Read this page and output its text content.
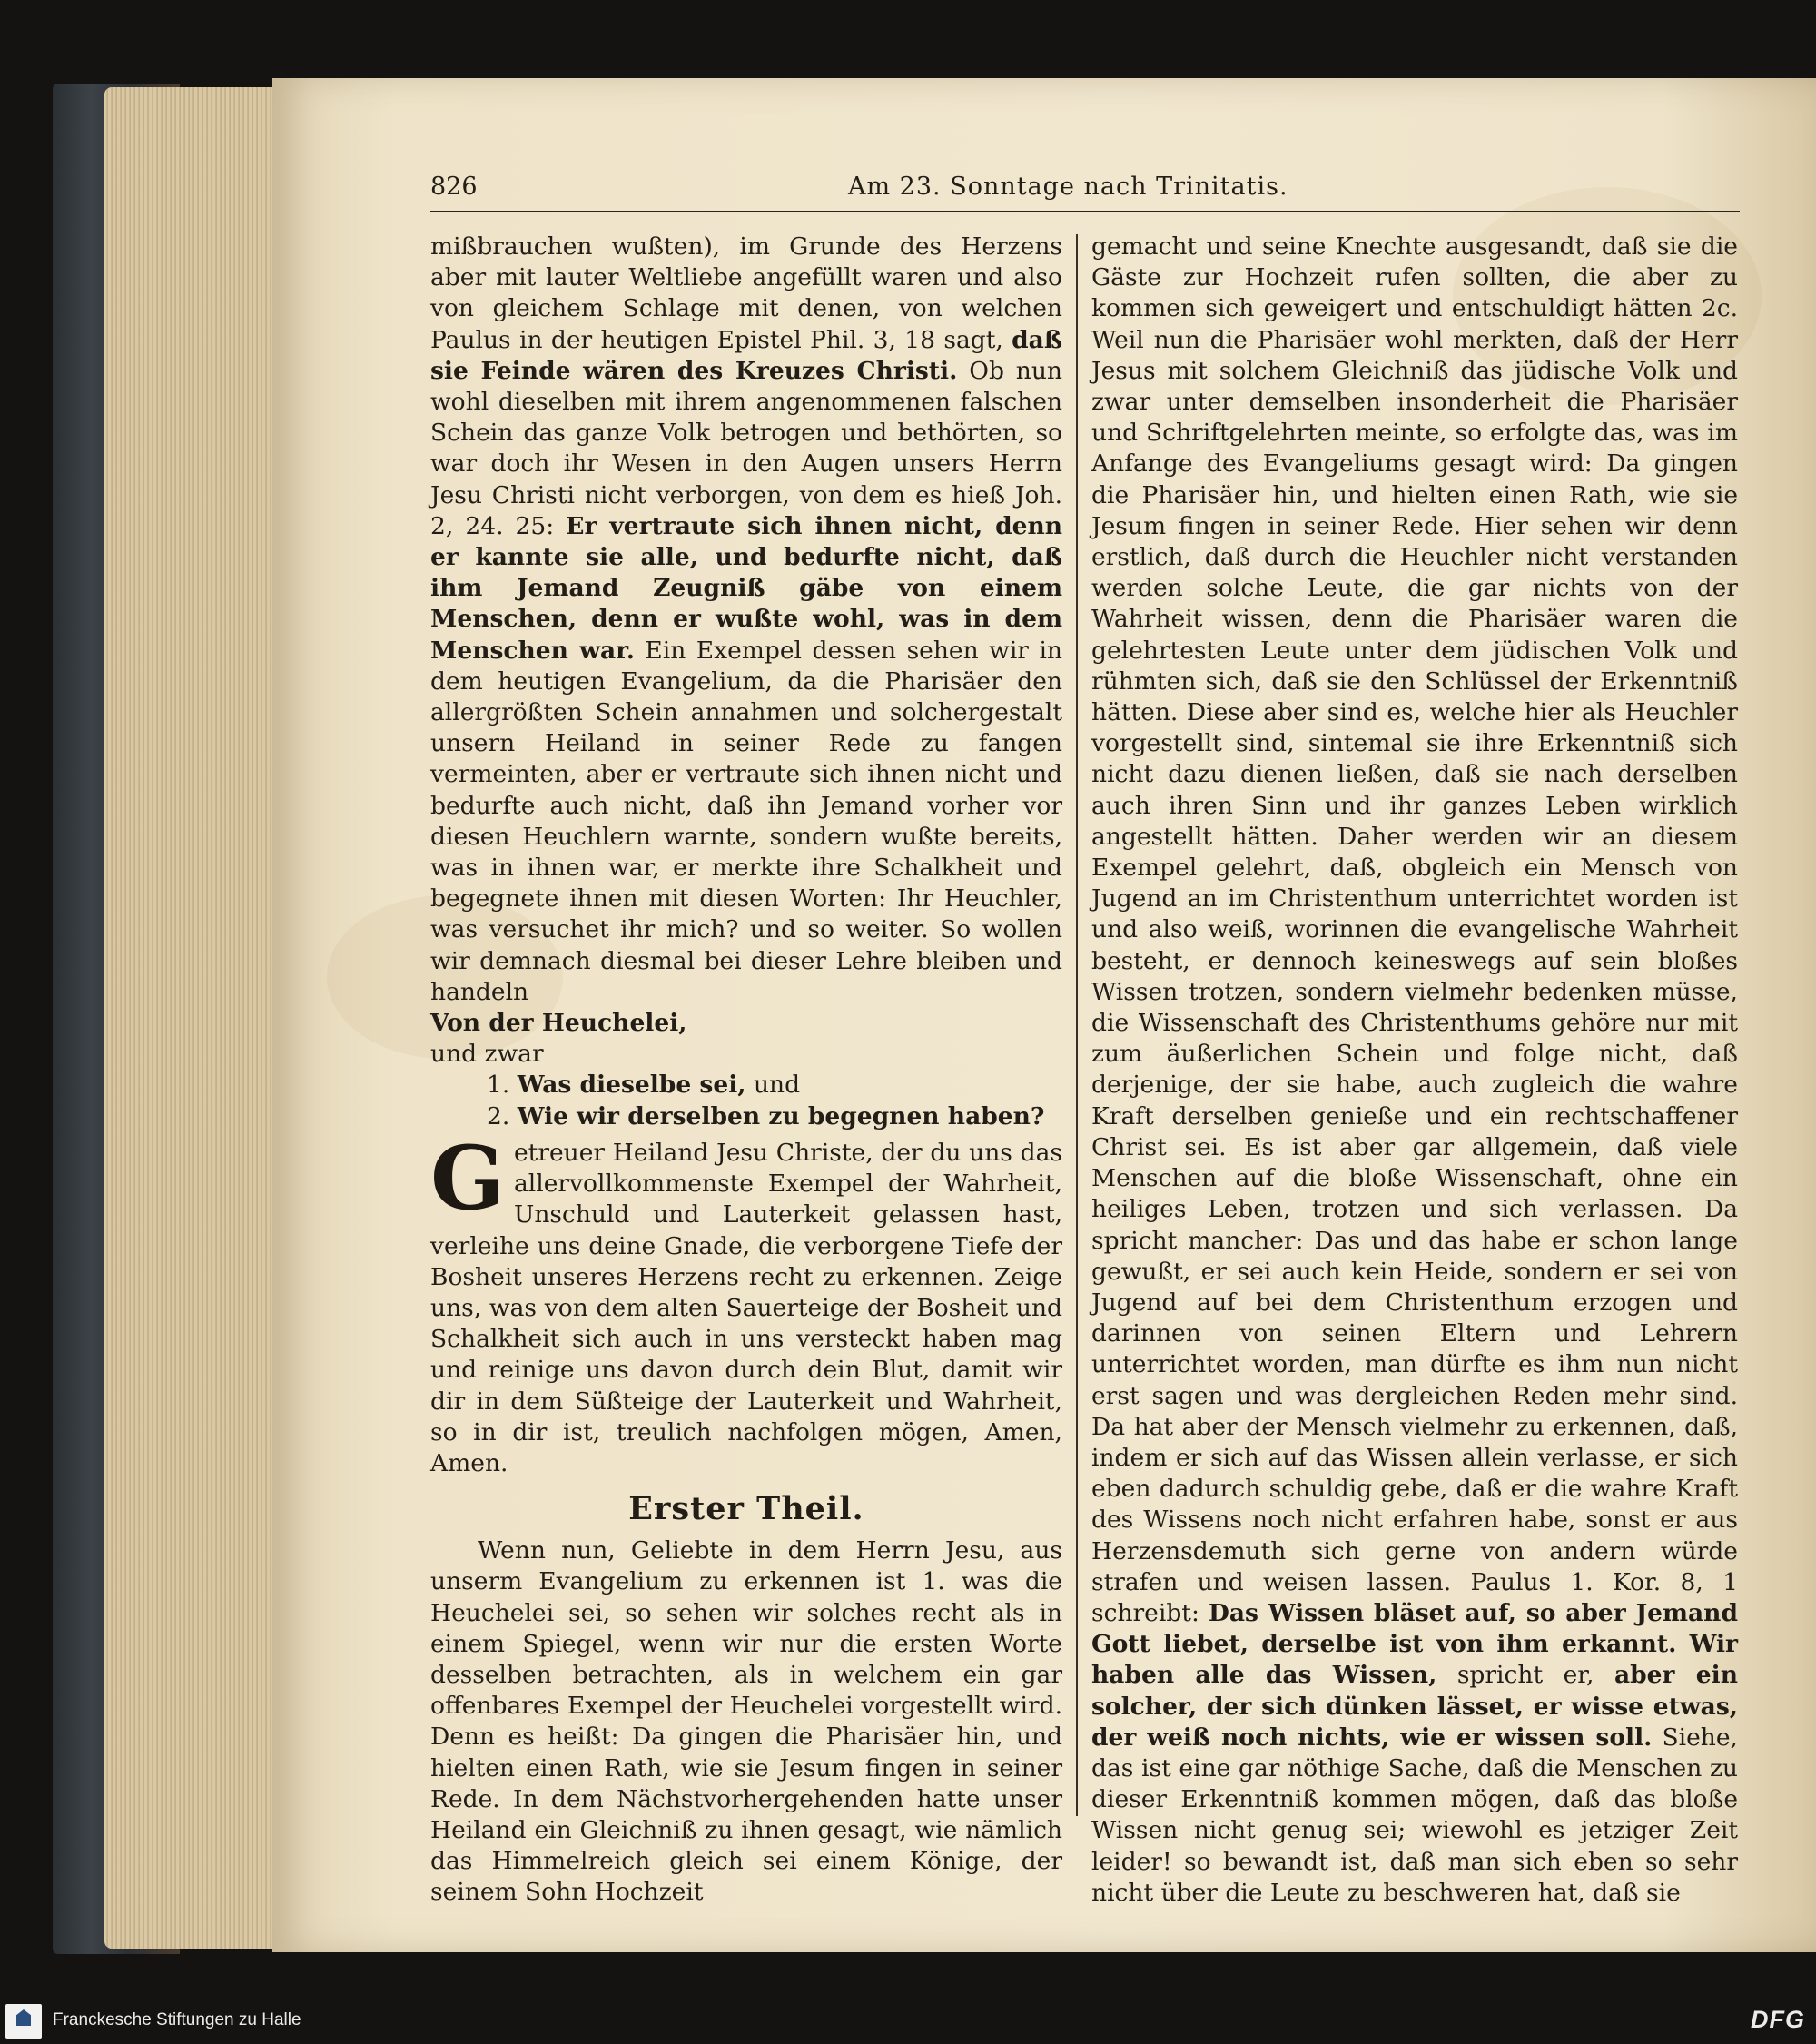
826	Am 23. Sonntage nach Trinitatis.

mißbrauchen wußten), im Grunde des Herzens aber mit lauter Weltliebe angefüllt waren und also von gleichem Schlage mit denen, von welchen Paulus in der heutigen Epistel Phil. 3, 18 sagt, daß sie Feinde wären des Kreuzes Christi. Ob nun wohl dieselben mit ihrem angenommenen falschen Schein das ganze Volk betrogen und bethörten, so war doch ihr Wesen in den Augen unsers Herrn Jesu Christi nicht verborgen, von dem es hieß Joh. 2, 24. 25: Er vertraute sich ihnen nicht, denn er kannte sie alle, und bedurfte nicht, daß ihm Jemand Zeugniß gäbe von einem Menschen, denn er wußte wohl, was in dem Menschen war. Ein Exempel dessen sehen wir in dem heutigen Evangelium, da die Pharisäer den allergrößten Schein annahmen und solchergestalt unsern Heiland in seiner Rede zu fangen vermeinten, aber er vertraute sich ihnen nicht und bedurfte auch nicht, daß ihn Jemand vorher vor diesen Heuchlern warnte, sondern wußte bereits, was in ihnen war, er merkte ihre Schalkheit und begegnete ihnen mit diesen Worten: Ihr Heuchler, was versuchet ihr mich? und so weiter. So wollen wir demnach diesmal bei dieser Lehre bleiben und handeln

Von der Heuchelei,

und zwar

1. Was dieselbe sei, und

2. Wie wir derselben zu begegnen haben?

G etreuer Heiland Jesu Christe, der du uns das allervollkommenste Exempel der Wahrheit, Unschuld und Lauterkeit gelassen hast, verleihe uns deine Gnade, die verborgene Tiefe der Bosheit unseres Herzens recht zu erkennen. Zeige uns, was von dem alten Sauerteige der Bosheit und Schalkheit sich auch in uns versteckt haben mag und reinige uns davon durch dein Blut, damit wir dir in dem Süßteige der Lauterkeit und Wahrheit, so in dir ist, treulich nachfolgen mögen, Amen, Amen.

Erster Theil.

Wenn nun, Geliebte in dem Herrn Jesu, aus unserm Evangelium zu erkennen ist 1. was die Heuchelei sei, so sehen wir solches recht als in einem Spiegel, wenn wir nur die ersten Worte desselben betrachten, als in welchem ein gar offenbares Exempel der Heuchelei vorgestellt wird. Denn es heißt: Da gingen die Pharisäer hin, und hielten einen Rath, wie sie Jesum fingen in seiner Rede. In dem Nächstvorhergehenden hatte unser Heiland ein Gleichniß zu ihnen gesagt, wie nämlich das Himmelreich gleich sei einem Könige, der seinem Sohn Hochzeit

gemacht und seine Knechte ausgesandt, daß sie die Gäste zur Hochzeit rufen sollten, die aber zu kommen sich geweigert und entschuldigt hätten 2c. Weil nun die Pharisäer wohl merkten, daß der Herr Jesus mit solchem Gleichniß das jüdische Volk und zwar unter demselben insonderheit die Pharisäer und Schriftgelehrten meinte, so erfolgte das, was im Anfange des Evangeliums gesagt wird: Da gingen die Pharisäer hin, und hielten einen Rath, wie sie Jesum fingen in seiner Rede. Hier sehen wir denn erstlich, daß durch die Heuchler nicht verstanden werden solche Leute, die gar nichts von der Wahrheit wissen, denn die Pharisäer waren die gelehrtesten Leute unter dem jüdischen Volk und rühmten sich, daß sie den Schlüssel der Erkenntniß hätten. Diese aber sind es, welche hier als Heuchler vorgestellt sind, sintemal sie ihre Erkenntniß sich nicht dazu dienen ließen, daß sie nach derselben auch ihren Sinn und ihr ganzes Leben wirklich angestellt hätten. Daher werden wir an diesem Exempel gelehrt, daß, obgleich ein Mensch von Jugend an im Christenthum unterrichtet worden ist und also weiß, worinnen die evangelische Wahrheit besteht, er dennoch keineswegs auf sein bloßes Wissen trotzen, sondern vielmehr bedenken müsse, die Wissenschaft des Christenthums gehöre nur mit zum äußerlichen Schein und folge nicht, daß derjenige, der sie habe, auch zugleich die wahre Kraft derselben genieße und ein rechtschaffener Christ sei. Es ist aber gar allgemein, daß viele Menschen auf die bloße Wissenschaft, ohne ein heiliges Leben, trotzen und sich verlassen. Da spricht mancher: Das und das habe er schon lange gewußt, er sei auch kein Heide, sondern er sei von Jugend auf bei dem Christenthum erzogen und darinnen von seinen Eltern und Lehrern unterrichtet worden, man dürfte es ihm nun nicht erst sagen und was dergleichen Reden mehr sind. Da hat aber der Mensch vielmehr zu erkennen, daß, indem er sich auf das Wissen allein verlasse, er sich eben dadurch schuldig gebe, daß er die wahre Kraft des Wissens noch nicht erfahren habe, sonst er aus Herzensdemuth sich gerne von andern würde strafen und weisen lassen. Paulus 1. Kor. 8, 1 schreibt: Das Wissen bläset auf, so aber Jemand Gott liebet, derselbe ist von ihm erkannt. Wir haben alle das Wissen, spricht er, aber ein solcher, der sich dünken lässet, er wisse etwas, der weiß noch nichts, wie er wissen soll. Siehe, das ist eine gar nöthige Sache, daß die Menschen zu dieser Erkenntniß kommen mögen, daß das bloße Wissen nicht genug sei; wiewohl es jetziger Zeit leider! so bewandt ist, daß man sich eben so sehr nicht über die Leute zu beschweren hat, daß sie

Franckesche Stiftungen zu Halle	DFG
